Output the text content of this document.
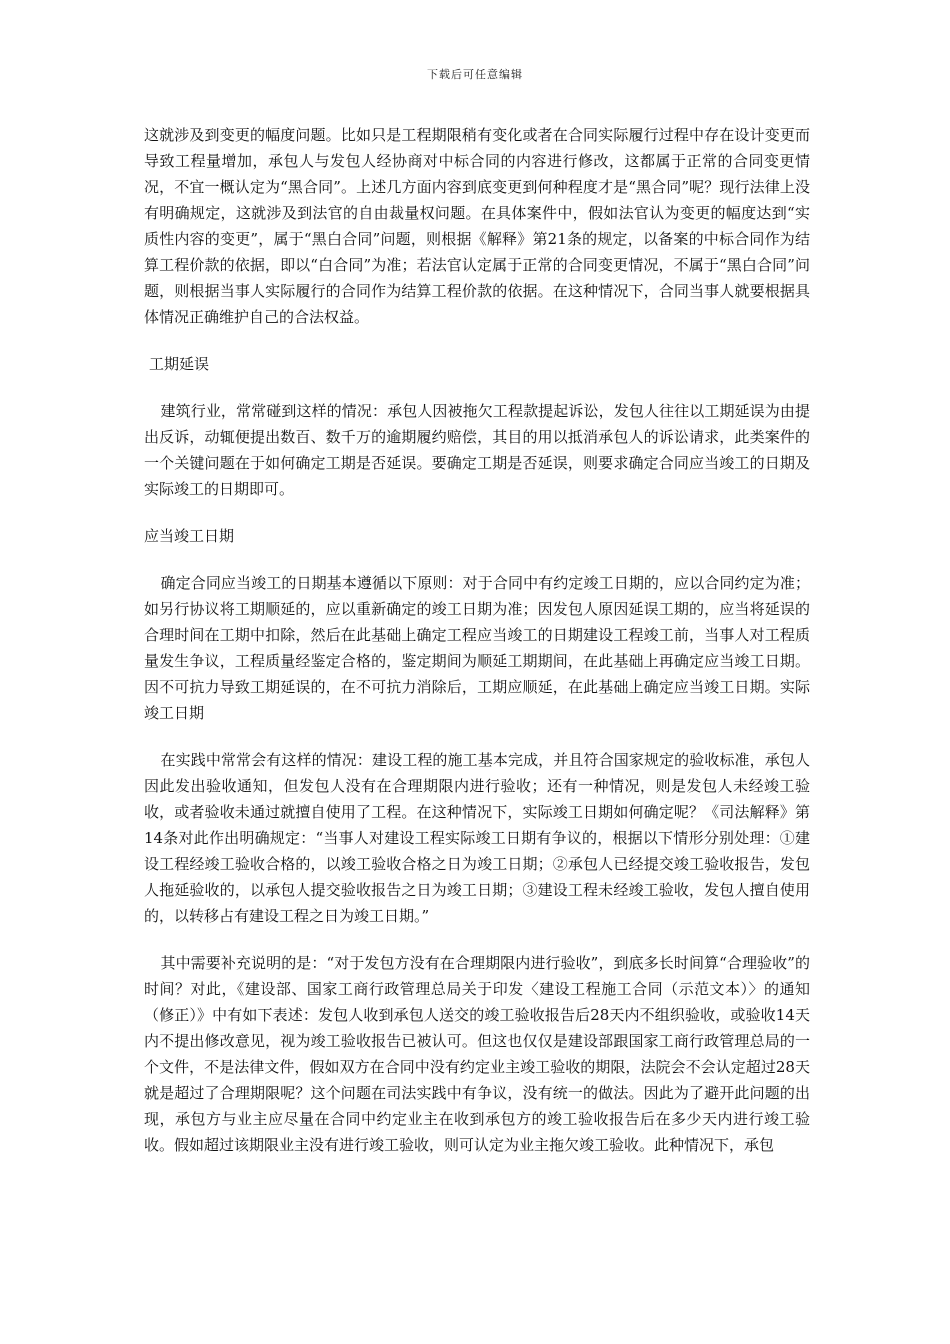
下载后可任意编辑

这就涉及到变更的幅度问题。比如只是工程期限稍有变化或者在合同实际履行过程中存在设计变更而导致工程量增加，承包人与发包人经协商对中标合同的内容进行修改，这都属于正常的合同变更情况，不宜一概认定为“黑合同”。上述几方面内容到底变更到何种程度才是“黑合同”呢？现行法律上没有明确规定，这就涉及到法官的自由裁量权问题。在具体案件中，假如法官认为变更的幅度达到“实质性内容的变更”，属于“黑白合同”问题，则根据《解释》第21条的规定，以备案的中标合同作为结算工程价款的依据，即以“白合同”为准；若法官认定属于正常的合同变更情况，不属于“黑白合同”问题，则根据当事人实际履行的合同作为结算工程价款的依据。在这种情况下，合同当事人就要根据具体情况正确维护自己的合法权益。

工期延误

建筑行业，常常碰到这样的情况：承包人因被拖欠工程款提起诉讼，发包人往往以工期延误为由提出反诉，动辄便提出数百、数千万的逾期履约赔偿，其目的用以抵消承包人的诉讼请求，此类案件的一个关键问题在于如何确定工期是否延误。要确定工期是否延误，则要求确定合同应当竣工的日期及实际竣工的日期即可。

应当竣工日期

确定合同应当竣工的日期基本遵循以下原则：对于合同中有约定竣工日期的，应以合同约定为准；如另行协议将工期顺延的，应以重新确定的竣工日期为准；因发包人原因延误工期的，应当将延误的合理时间在工期中扣除，然后在此基础上确定工程应当竣工的日期建设工程竣工前，当事人对工程质量发生争议，工程质量经鉴定合格的，鉴定期间为顺延工期期间，在此基础上再确定应当竣工日期。因不可抗力导致工期延误的，在不可抗力消除后，工期应顺延，在此基础上确定应当竣工日期。实际竣工日期

在实践中常常会有这样的情况：建设工程的施工基本完成，并且符合国家规定的验收标准，承包人因此发出验收通知，但发包人没有在合理期限内进行验收；还有一种情况，则是发包人未经竣工验收，或者验收未通过就擅自使用了工程。在这种情况下，实际竣工日期如何确定呢？《司法解释》第14条对此作出明确规定：“当事人对建设工程实际竣工日期有争议的，根据以下情形分别处理：①建设工程经竣工验收合格的，以竣工验收合格之日为竣工日期；②承包人已经提交竣工验收报告，发包人拖延验收的，以承包人提交验收报告之日为竣工日期；③建设工程未经竣工验收，发包人擅自使用的，以转移占有建设工程之日为竣工日期。”

其中需要补充说明的是：“对于发包方没有在合理期限内进行验收”，到底多长时间算“合理验收”的时间？对此，《建设部、国家工商行政管理总局关于印发〈建设工程施工合同（示范文本）〉的通知（修正）》中有如下表述：发包人收到承包人送交的竣工验收报告后28天内不组织验收，或验收14天内不提出修改意见，视为竣工验收报告已被认可。但这也仅仅是建设部跟国家工商行政管理总局的一个文件，不是法律文件，假如双方在合同中没有约定业主竣工验收的期限，法院会不会认定超过28天就是超过了合理期限呢？这个问题在司法实践中有争议，没有统一的做法。因此为了避开此问题的出现，承包方与业主应尽量在合同中约定业主在收到承包方的竣工验收报告后在多少天内进行竣工验收。假如超过该期限业主没有进行竣工验收，则可认定为业主拖欠竣工验收。此种情况下，承包
